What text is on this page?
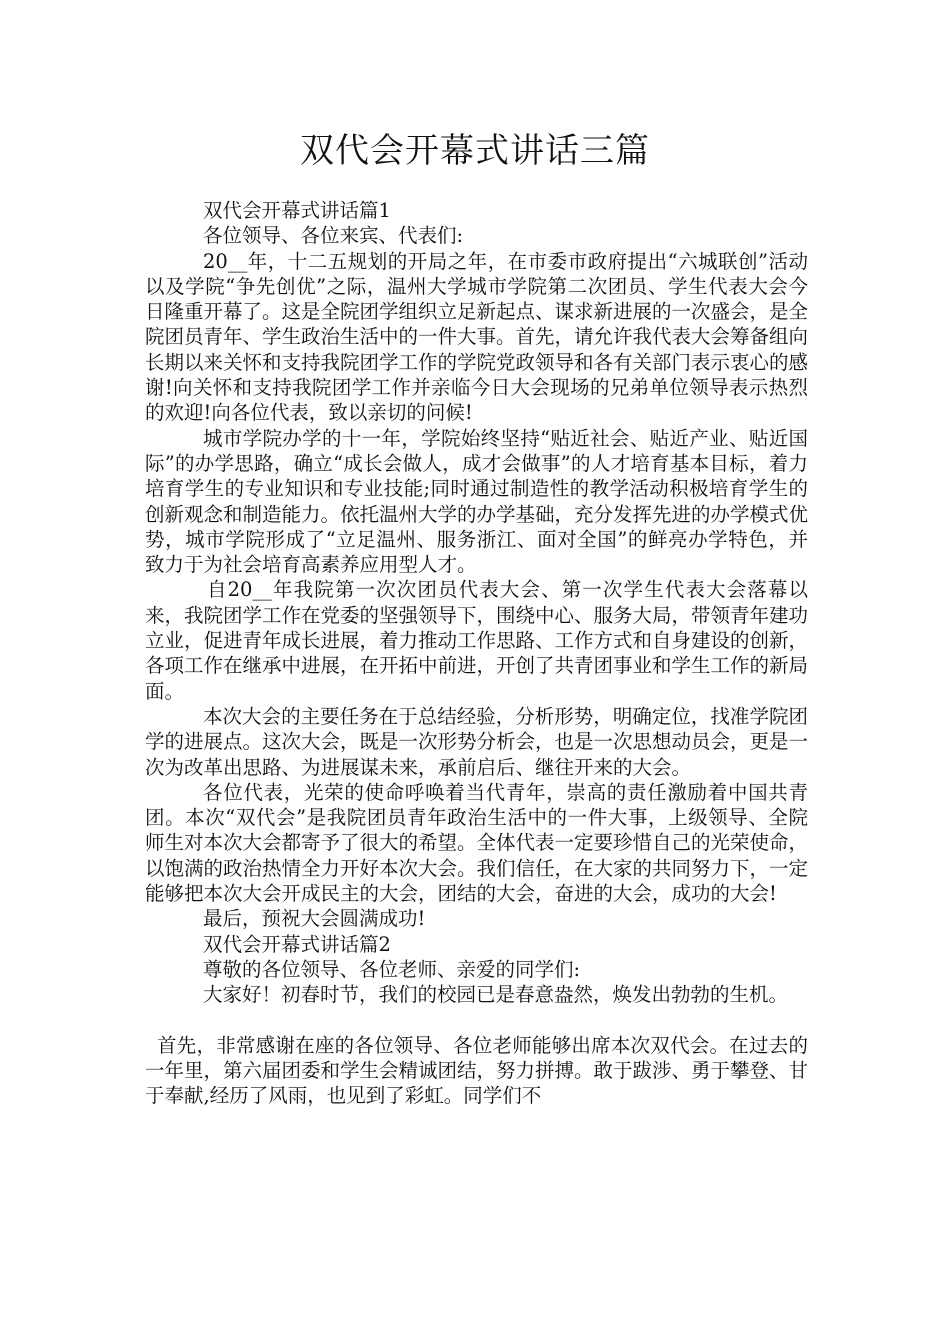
双代会开幕式讲话三篇

双代会开幕式讲话篇1

各位领导、各位来宾、代表们:

20__年，十二五规划的开局之年，在市委市政府提出“六城联创”活动以及学院“争先创优”之际，温州大学城市学院第二次团员、学生代表大会今日隆重开幕了。这是全院团学组织立足新起点、谋求新进展的一次盛会，是全院团员青年、学生政治生活中的一件大事。首先，请允许我代表大会筹备组向长期以来关怀和支持我院团学工作的学院党政领导和各有关部门表示衷心的感谢!向关怀和支持我院团学工作并亲临今日大会现场的兄弟单位领导表示热烈的欢迎!向各位代表，致以亲切的问候!

城市学院办学的十一年，学院始终坚持“贴近社会、贴近产业、贴近国际”的办学思路，确立“成长会做人，成才会做事”的人才培育基本目标，着力培育学生的专业知识和专业技能;同时通过制造性的教学活动积极培育学生的创新观念和制造能力。依托温州大学的办学基础，充分发挥先进的办学模式优势，城市学院形成了“立足温州、服务浙江、面对全国”的鲜亮办学特色，并致力于为社会培育高素养应用型人才。

自20__年我院第一次次团员代表大会、第一次学生代表大会落幕以来，我院团学工作在党委的坚强领导下，围绕中心、服务大局，带领青年建功立业，促进青年成长进展，着力推动工作思路、工作方式和自身建设的创新，各项工作在继承中进展，在开拓中前进，开创了共青团事业和学生工作的新局面。

本次大会的主要任务在于总结经验，分析形势，明确定位，找准学院团学的进展点。这次大会，既是一次形势分析会，也是一次思想动员会，更是一次为改革出思路、为进展谋未来，承前启后、继往开来的大会。

各位代表，光荣的使命呼唤着当代青年，崇高的责任激励着中国共青团。本次“双代会”是我院团员青年政治生活中的一件大事，上级领导、全院师生对本次大会都寄予了很大的希望。全体代表一定要珍惜自己的光荣使命，以饱满的政治热情全力开好本次大会。我们信任，在大家的共同努力下，一定能够把本次大会开成民主的大会，团结的大会，奋进的大会，成功的大会!

最后，预祝大会圆满成功!

双代会开幕式讲话篇2

尊敬的各位领导、各位老师、亲爱的同学们:

大家好！初春时节，我们的校园已是春意盎然，焕发出勃勃的生机。

首先，非常感谢在座的各位领导、各位老师能够出席本次双代会。在过去的一年里，第六届团委和学生会精诚团结，努力拼搏。敢于跋涉、勇于攀登、甘于奉献,经历了风雨，也见到了彩虹。同学们不
